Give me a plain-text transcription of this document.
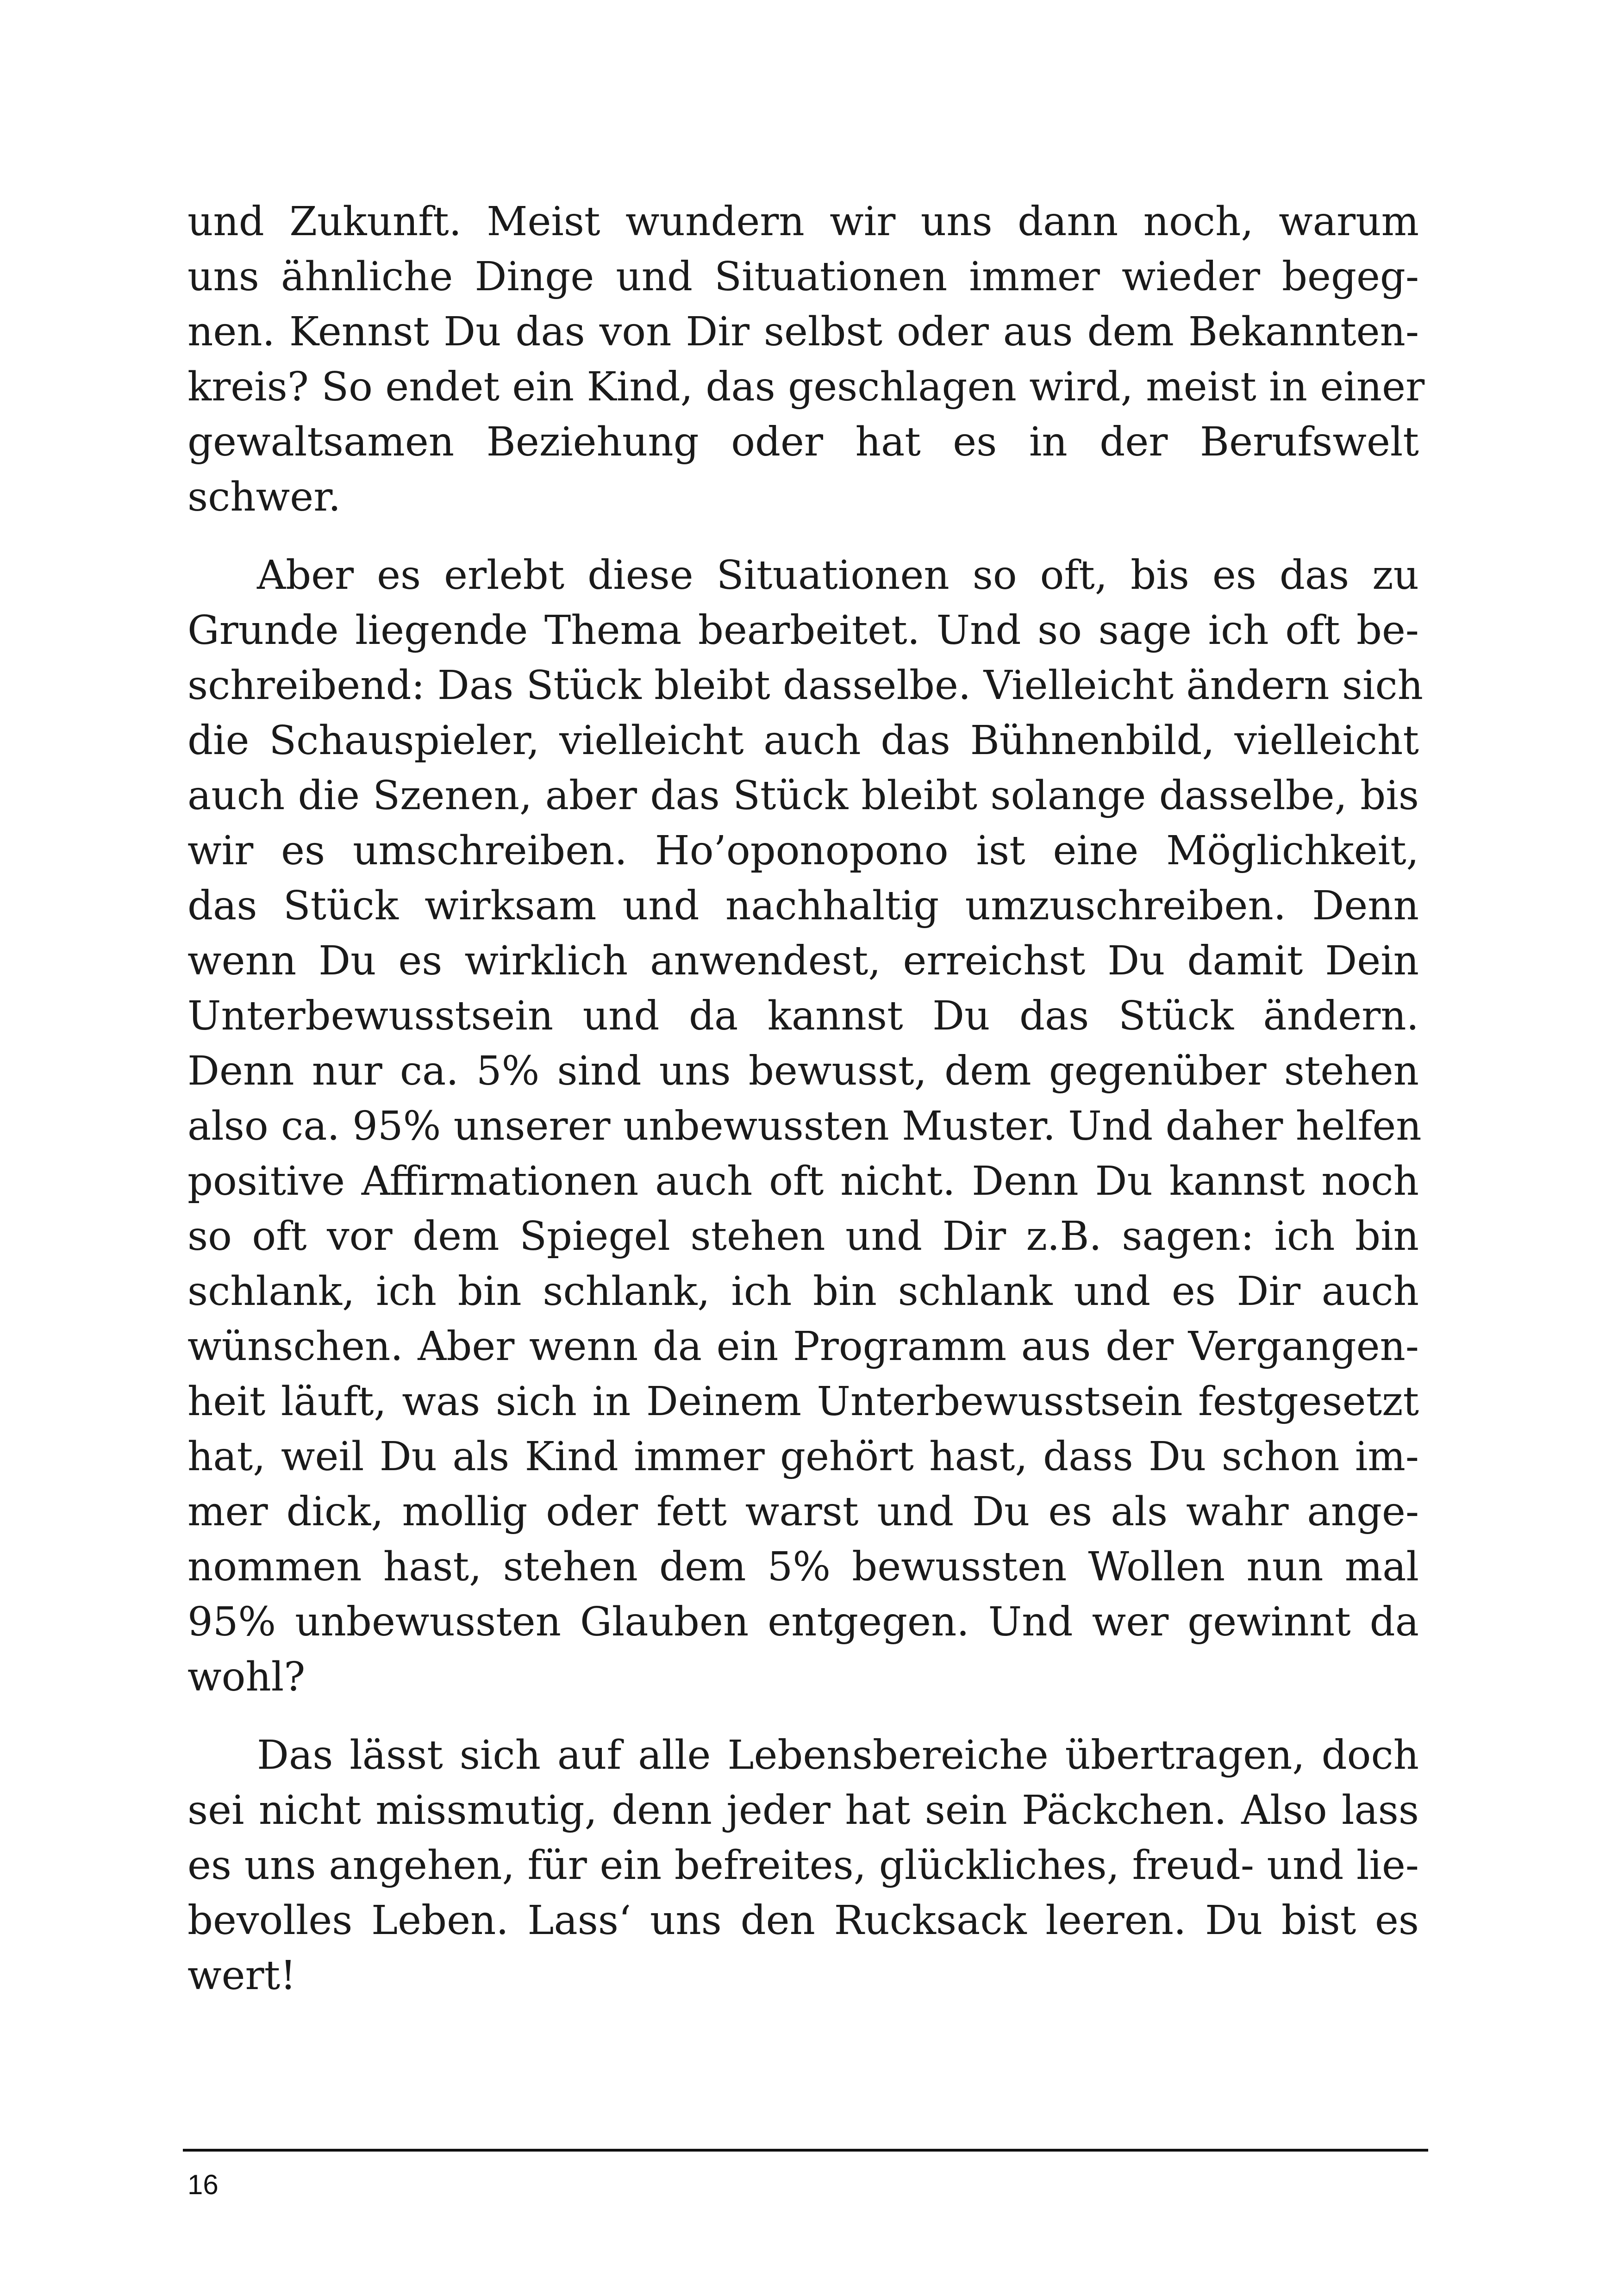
und Zukunft. Meist wundern wir uns dann noch, warum
uns ähnliche Dinge und Situationen immer wieder begeg-
nen. Kennst Du das von Dir selbst oder aus dem Bekannten-
kreis? So endet ein Kind, das geschlagen wird, meist in einer
gewaltsamen Beziehung oder hat es in der Berufswelt
schwer.

Aber es erlebt diese Situationen so oft, bis es das zu
Grunde liegende Thema bearbeitet. Und so sage ich oft be-
schreibend: Das Stück bleibt dasselbe. Vielleicht ändern sich
die Schauspieler, vielleicht auch das Bühnenbild, vielleicht
auch die Szenen, aber das Stück bleibt solange dasselbe, bis
wir es umschreiben. Ho’oponopono ist eine Möglichkeit,
das Stück wirksam und nachhaltig umzuschreiben. Denn
wenn Du es wirklich anwendest, erreichst Du damit Dein
Unterbewusstsein und da kannst Du das Stück ändern.
Denn nur ca. 5% sind uns bewusst, dem gegenüber stehen
also ca. 95% unserer unbewussten Muster. Und daher helfen
positive Affirmationen auch oft nicht. Denn Du kannst noch
so oft vor dem Spiegel stehen und Dir z.B. sagen: ich bin
schlank, ich bin schlank, ich bin schlank und es Dir auch
wünschen. Aber wenn da ein Programm aus der Vergangen-
heit läuft, was sich in Deinem Unterbewusstsein festgesetzt
hat, weil Du als Kind immer gehört hast, dass Du schon im-
mer dick, mollig oder fett warst und Du es als wahr ange-
nommen hast, stehen dem 5% bewussten Wollen nun mal
95% unbewussten Glauben entgegen. Und wer gewinnt da
wohl?

Das lässt sich auf alle Lebensbereiche übertragen, doch
sei nicht missmutig, denn jeder hat sein Päckchen. Also lass
es uns angehen, für ein befreites, glückliches, freud- und lie-
bevolles Leben. Lass‘ uns den Rucksack leeren. Du bist es
wert!

16
